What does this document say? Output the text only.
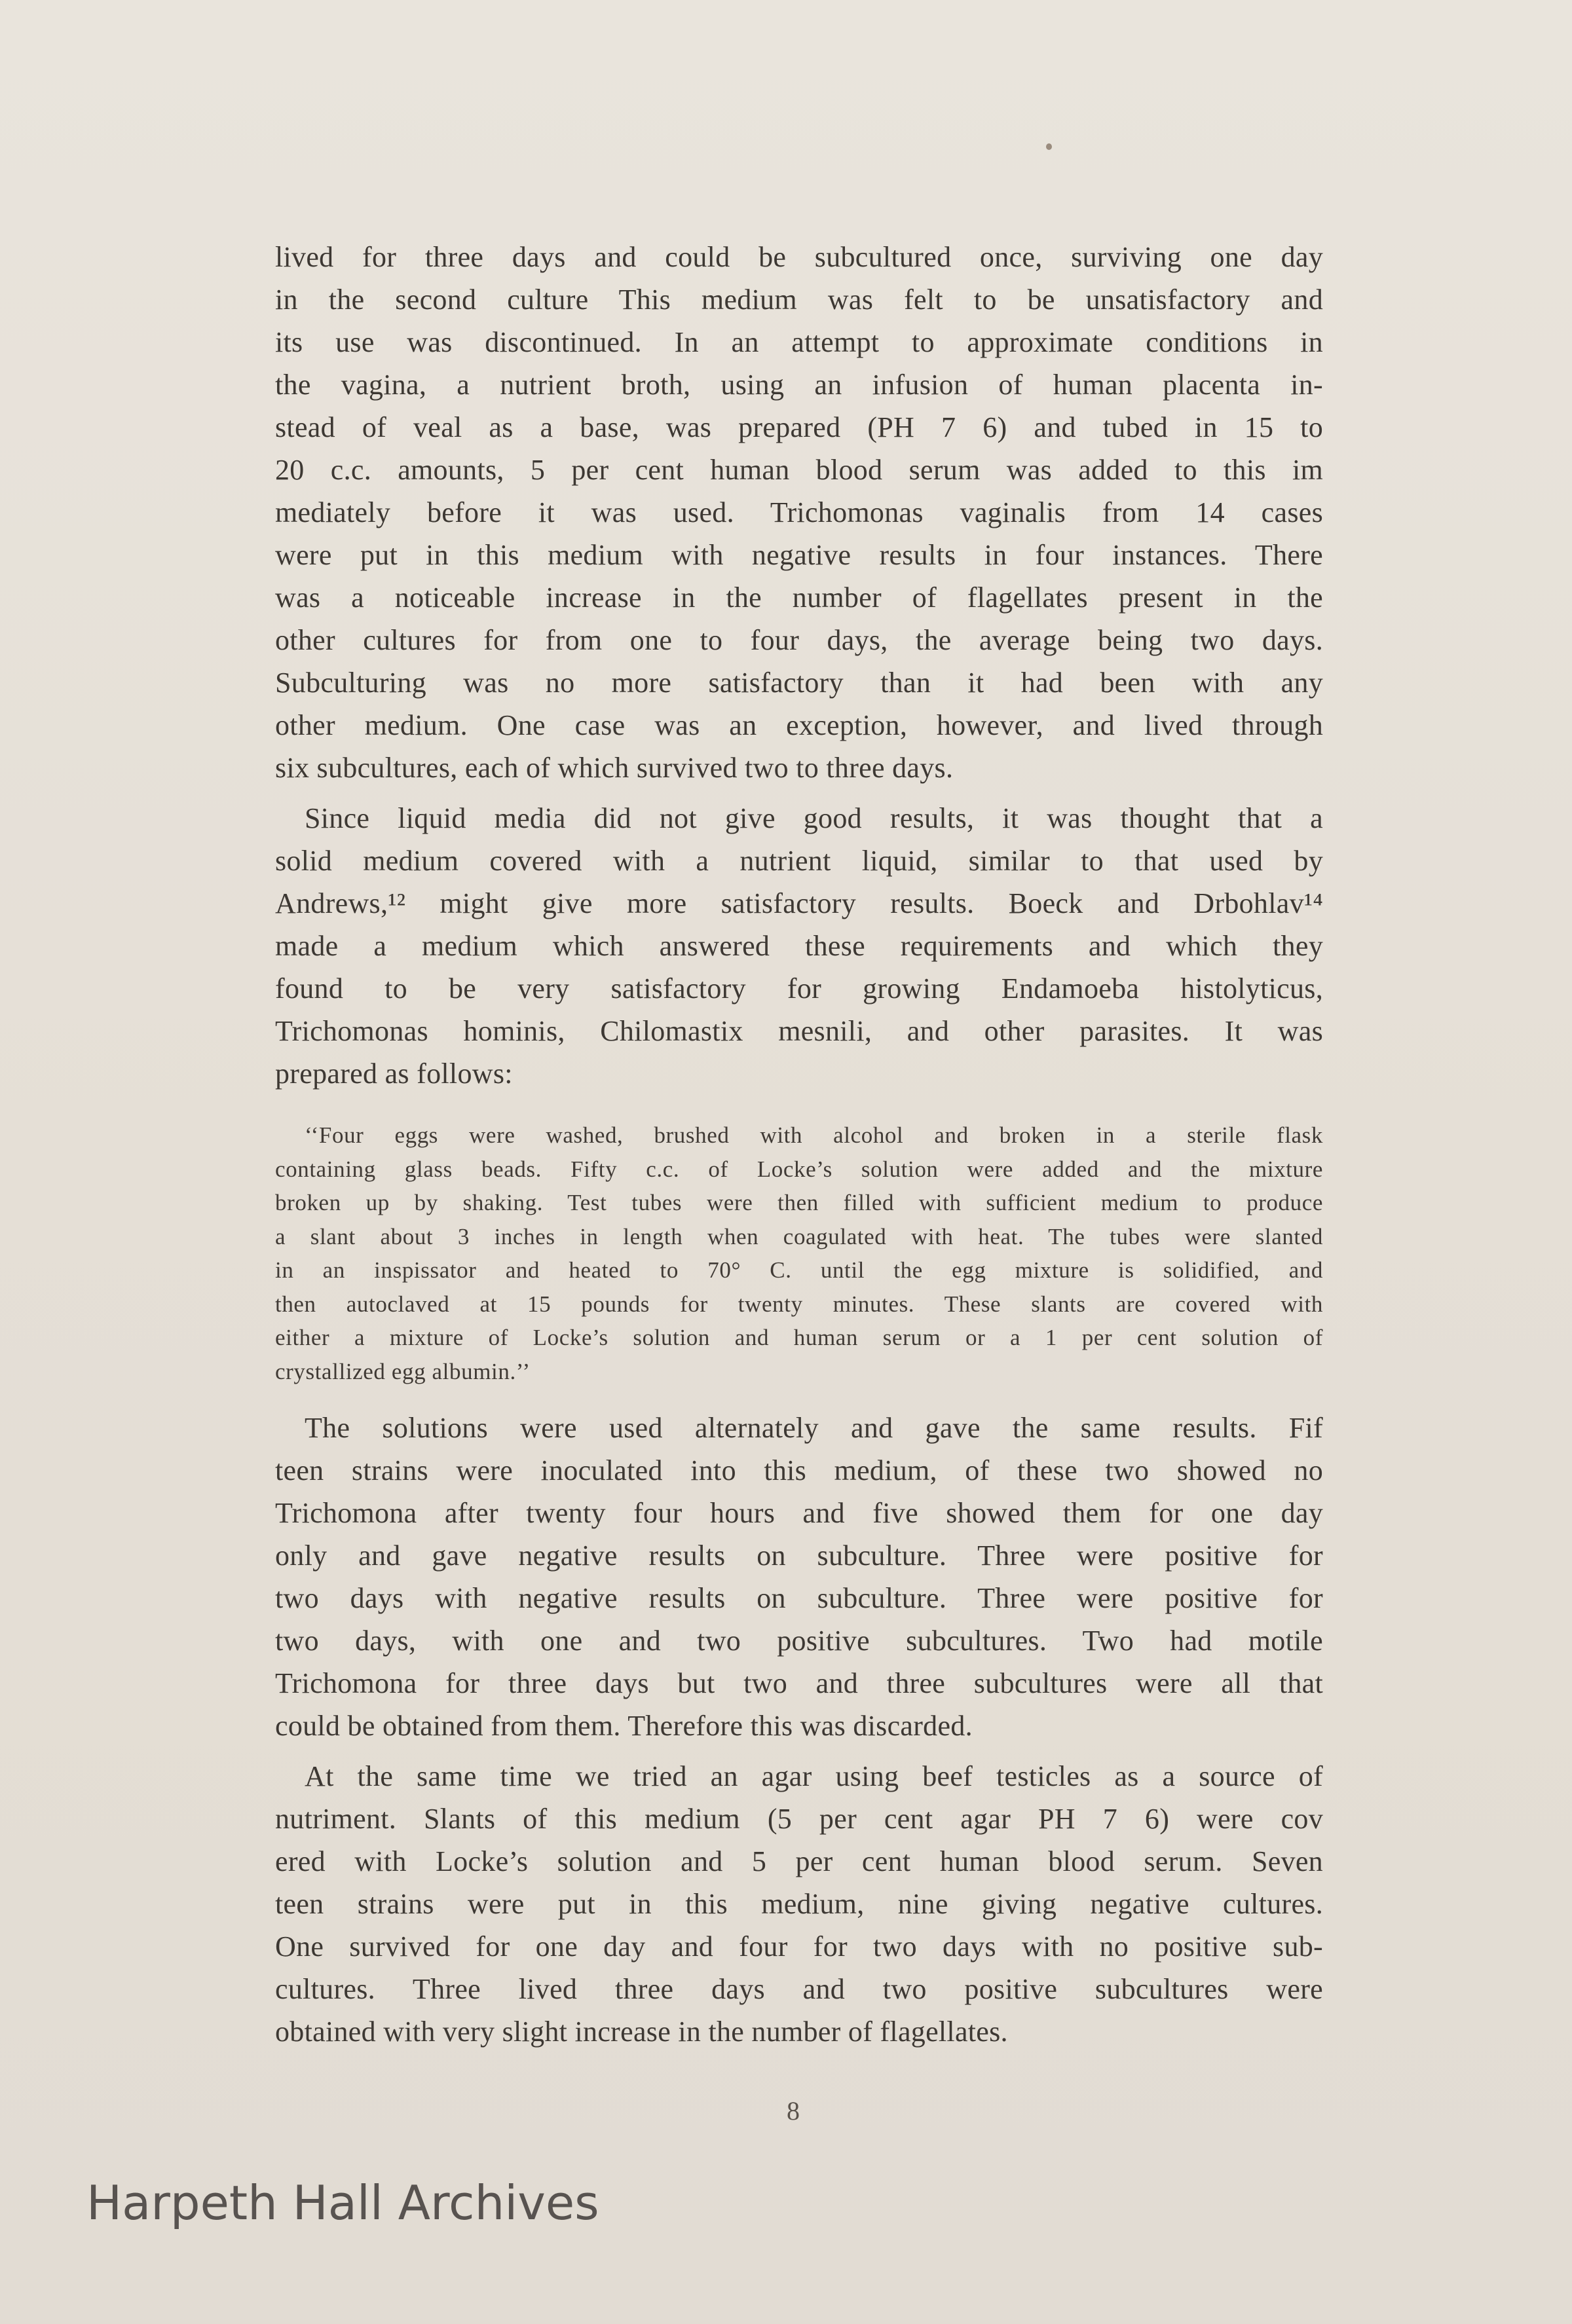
lived for three days and could be subcultured once, surviving one day
in the second culture This medium was felt to be unsatisfactory and
its use was discontinued. In an attempt to approximate conditions in
the vagina, a nutrient broth, using an infusion of human placenta in-
stead of veal as a base, was prepared (PH 7 6) and tubed in 15 to
20 c.c. amounts, 5 per cent human blood serum was added to this im
mediately before it was used. Trichomonas vaginalis from 14 cases
were put in this medium with negative results in four instances. There
was a noticeable increase in the number of flagellates present in the
other cultures for from one to four days, the average being two days.
Subculturing was no more satisfactory than it had been with any
other medium. One case was an exception, however, and lived through
six subcultures, each of which survived two to three days.
Since liquid media did not give good results, it was thought that a
solid medium covered with a nutrient liquid, similar to that used by
Andrews,¹² might give more satisfactory results. Boeck and Drbohlav¹⁴
made a medium which answered these requirements and which they
found to be very satisfactory for growing Endamoeba histolyticus,
Trichomonas hominis, Chilomastix mesnili, and other parasites. It was
prepared as follows:
‘‘Four eggs were washed, brushed with alcohol and broken in a sterile flask
containing glass beads. Fifty c.c. of Locke’s solution were added and the mixture
broken up by shaking. Test tubes were then filled with sufficient medium to produce
a slant about 3 inches in length when coagulated with heat. The tubes were slanted
in an inspissator and heated to 70° C. until the egg mixture is solidified, and
then autoclaved at 15 pounds for twenty minutes. These slants are covered with
either a mixture of Locke’s solution and human serum or a 1 per cent solution of
crystallized egg albumin.’’
The solutions were used alternately and gave the same results. Fif
teen strains were inoculated into this medium, of these two showed no
Trichomona after twenty four hours and five showed them for one day
only and gave negative results on subculture. Three were positive for
two days with negative results on subculture. Three were positive for
two days, with one and two positive subcultures. Two had motile
Trichomona for three days but two and three subcultures were all that
could be obtained from them. Therefore this was discarded.
At the same time we tried an agar using beef testicles as a source of
nutriment. Slants of this medium (5 per cent agar PH 7 6) were cov
ered with Locke’s solution and 5 per cent human blood serum. Seven
teen strains were put in this medium, nine giving negative cultures.
One survived for one day and four for two days with no positive sub-
cultures. Three lived three days and two positive subcultures were
obtained with very slight increase in the number of flagellates.
8
Harpeth Hall Archives
